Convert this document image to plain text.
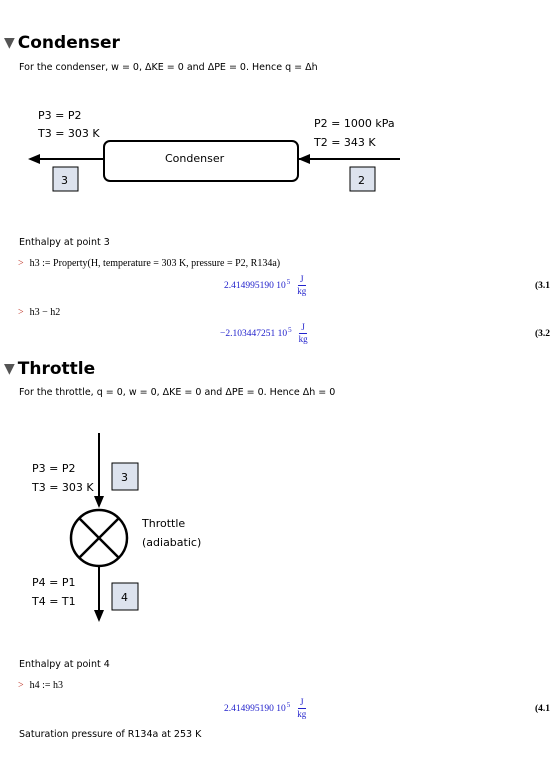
▼ Condenser
For the condenser, w = 0, ΔKE = 0 and ΔPE = 0. Hence q = Δh
P3 = P2
T3 = 303 K
P2 = 1000 kPa
T2 = 343 K
Condenser
3	2
Enthalpy at point 3
> h3 := Property(H, temperature = 303 K, pressure = P2, R134a)
2.414995190 $10^5 \frac{J}{kg}$	(3.1
> h3 − h2
−2.103447251 $10^5 \frac{J}{kg}$	(3.2
▼ Throttle
For the throttle, q = 0, w = 0, ΔKE = 0 and ΔPE = 0. Hence Δh = 0
P3 = P2
T3 = 303 K
3
Throttle
(adiabatic)
P4 = P1
T4 = T1	4
Enthalpy at point 4
> h4 := h3
2.414995190 $10^5 \frac{J}{kg}$	(4.1
Saturation pressure of R134a at 253 K
